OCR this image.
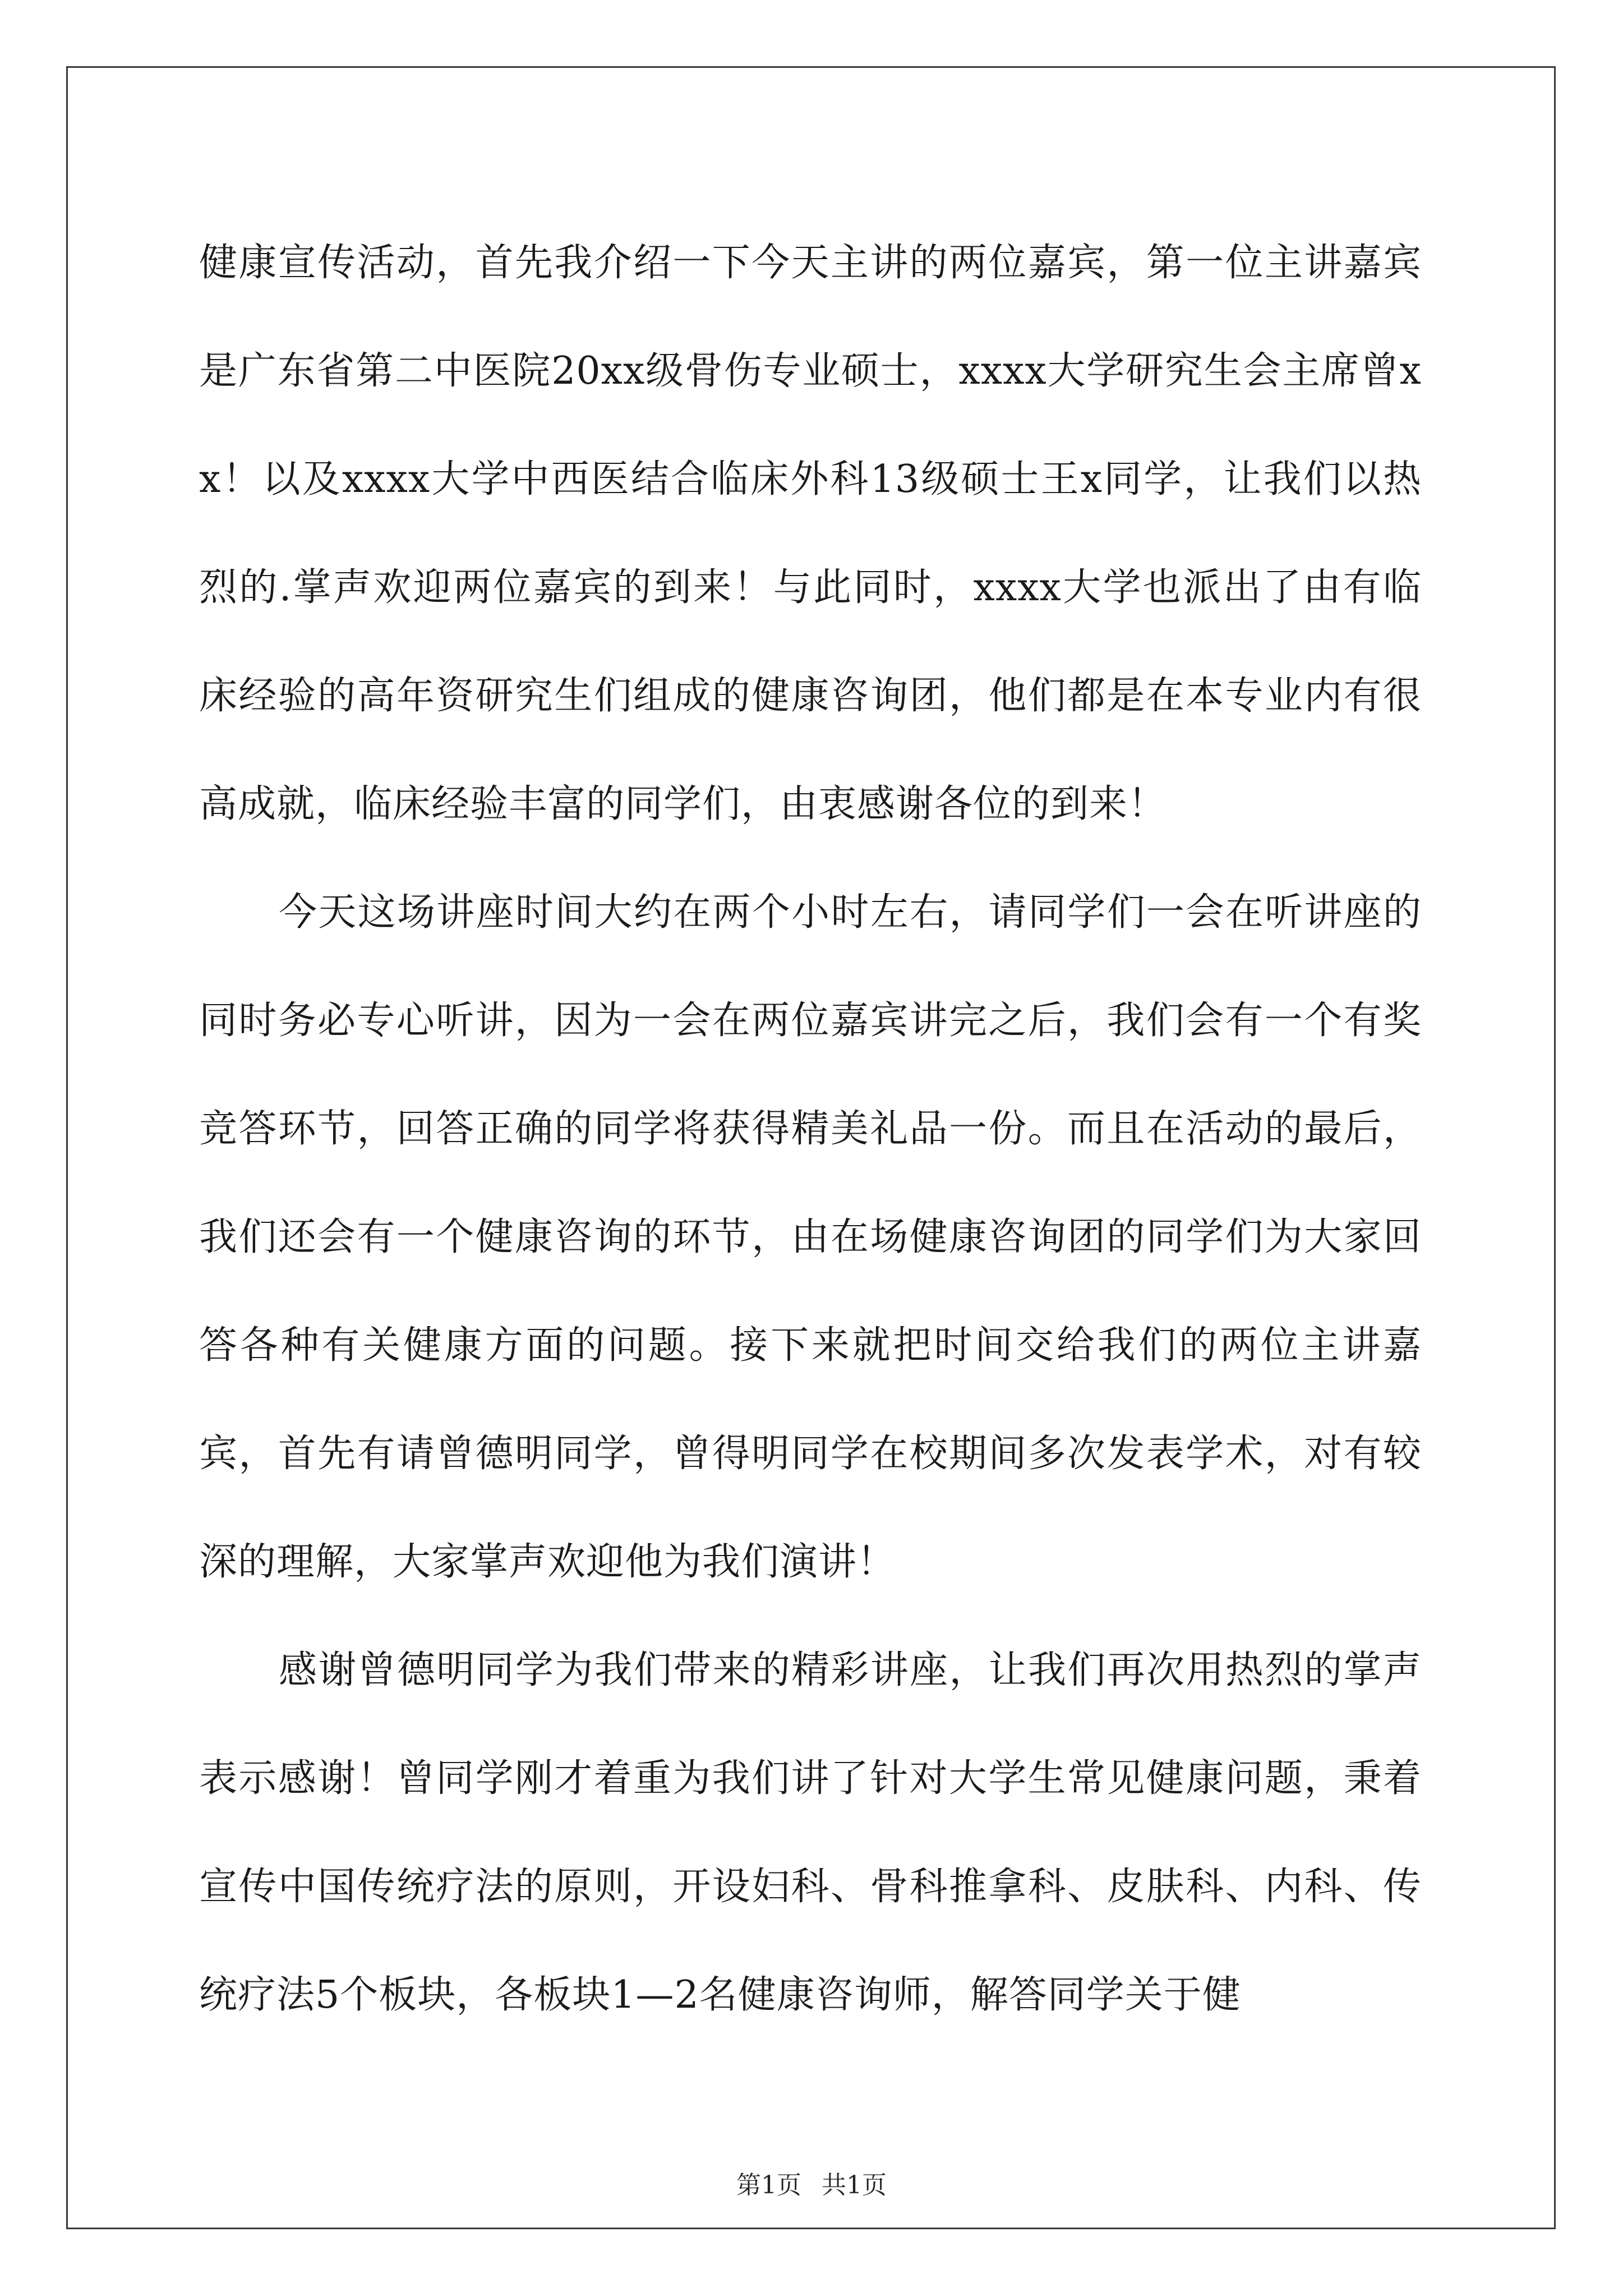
健康宣传活动，首先我介绍一下今天主讲的两位嘉宾，第一位主讲嘉宾是广东省第二中医院20xx级骨伤专业硕士，xxxx大学研究生会主席曾xx！以及xxxx大学中西医结合临床外科13级硕士王x同学，让我们以热烈的.掌声欢迎两位嘉宾的到来！与此同时，xxxx大学也派出了由有临床经验的高年资研究生们组成的健康咨询团，他们都是在本专业内有很高成就，临床经验丰富的同学们，由衷感谢各位的到来！

今天这场讲座时间大约在两个小时左右，请同学们一会在听讲座的同时务必专心听讲，因为一会在两位嘉宾讲完之后，我们会有一个有奖竞答环节，回答正确的同学将获得精美礼品一份。而且在活动的最后，我们还会有一个健康咨询的环节，由在场健康咨询团的同学们为大家回答各种有关健康方面的问题。接下来就把时间交给我们的两位主讲嘉宾，首先有请曾德明同学，曾得明同学在校期间多次发表学术，对有较深的理解，大家掌声欢迎他为我们演讲！

感谢曾德明同学为我们带来的精彩讲座，让我们再次用热烈的掌声表示感谢！曾同学刚才着重为我们讲了针对大学生常见健康问题，秉着宣传中国传统疗法的原则，开设妇科、骨科推拿科、皮肤科、内科、传统疗法5个板块，各板块1—2名健康咨询师，解答同学关于健

第1页 共1页
